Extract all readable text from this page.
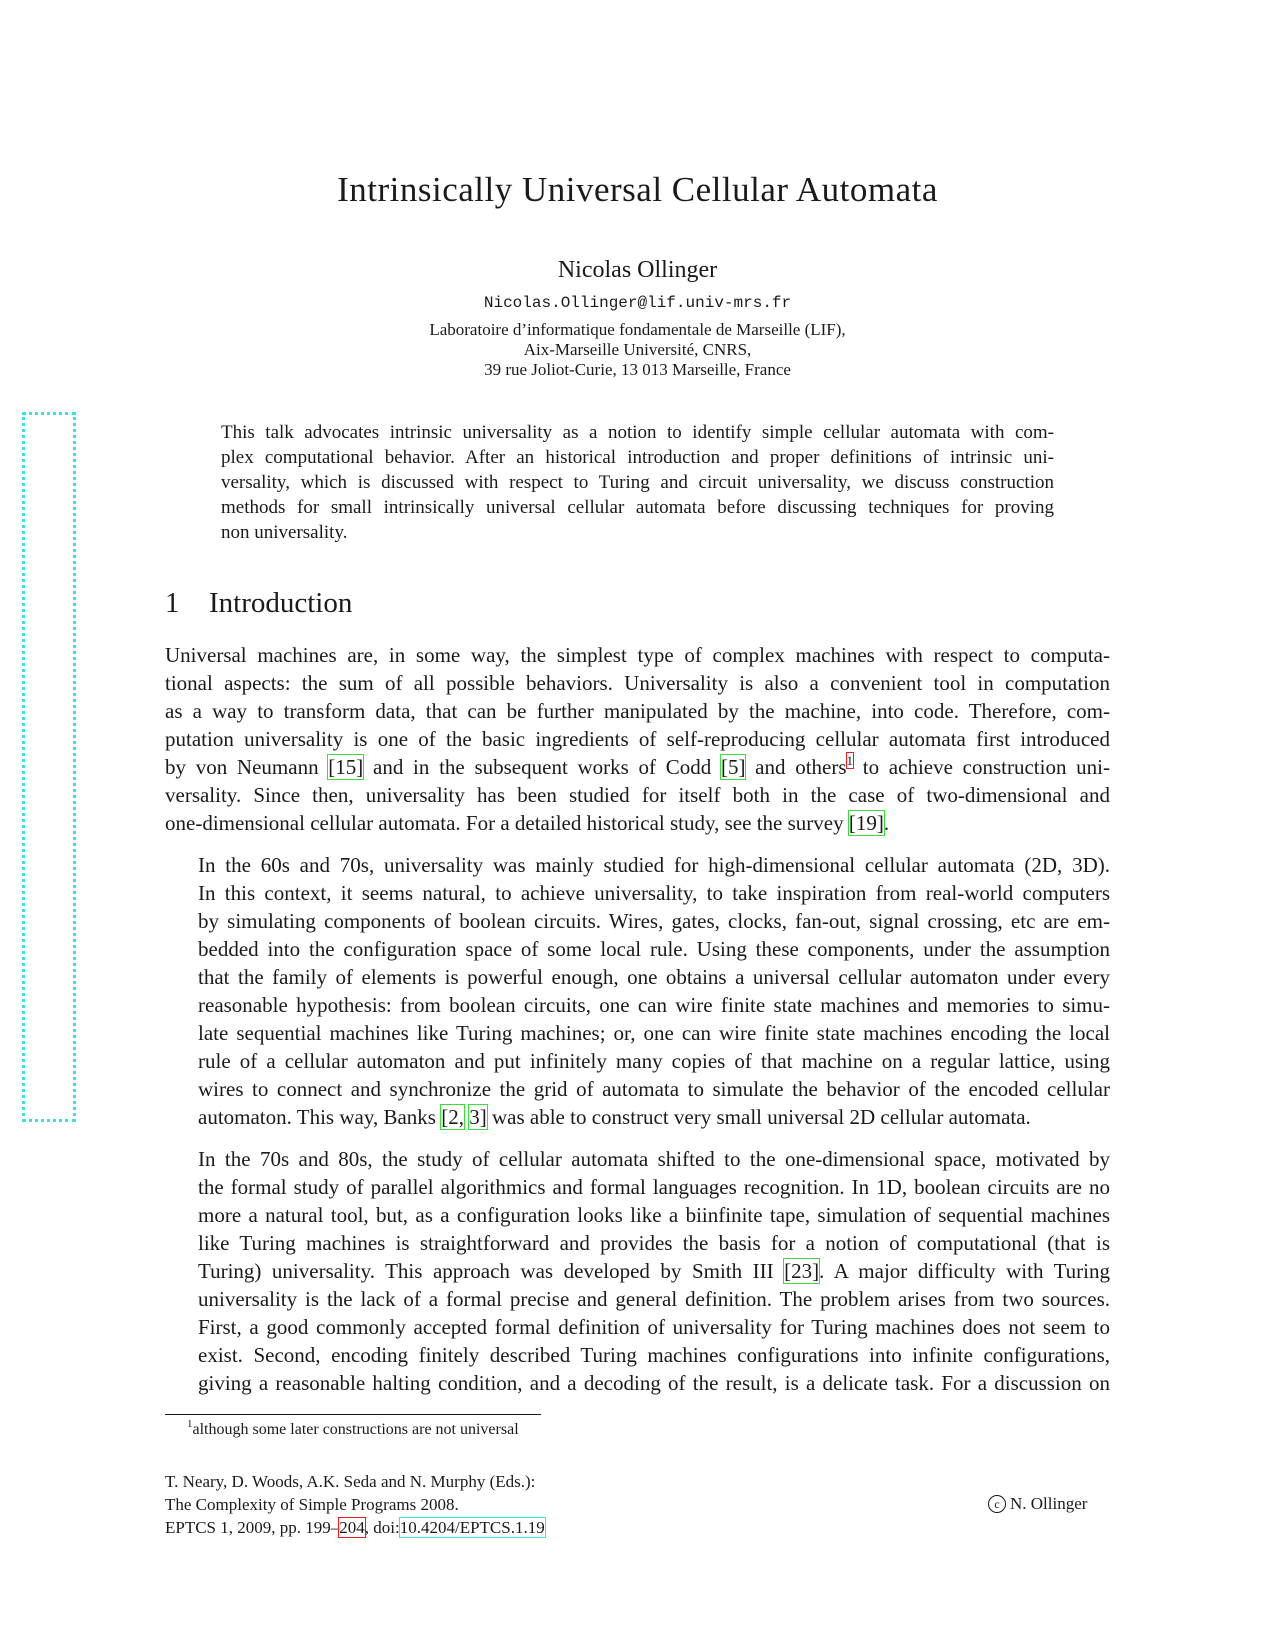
Intrinsically Universal Cellular Automata
Nicolas Ollinger
Nicolas.Ollinger@lif.univ-mrs.fr
Laboratoire d’informatique fondamentale de Marseille (LIF),
Aix-Marseille Université, CNRS,
39 rue Joliot-Curie, 13 013 Marseille, France
This talk advocates intrinsic universality as a notion to identify simple cellular automata with com-
plex computational behavior. After an historical introduction and proper definitions of intrinsic uni-
versality, which is discussed with respect to Turing and circuit universality, we discuss construction
methods for small intrinsically universal cellular automata before discussing techniques for proving
non universality.
1 Introduction

Universal machines are, in some way, the simplest type of complex machines with respect to computa-
tional aspects: the sum of all possible behaviors. Universality is also a convenient tool in computation
as a way to transform data, that can be further manipulated by the machine, into code. Therefore, com-
putation universality is one of the basic ingredients of self-reproducing cellular automata first introduced
by von Neumann [15] and in the subsequent works of Codd [5] and others$^1$ to achieve construction uni-
versality. Since then, universality has been studied for itself both in the case of two-dimensional and
one-dimensional cellular automata. For a detailed historical study, see the survey [19].

In the 60s and 70s, universality was mainly studied for high-dimensional cellular automata (2D, 3D).
In this context, it seems natural, to achieve universality, to take inspiration from real-world computers
by simulating components of boolean circuits. Wires, gates, clocks, fan-out, signal crossing, etc are em-
bedded into the configuration space of some local rule. Using these components, under the assumption
that the family of elements is powerful enough, one obtains a universal cellular automaton under every
reasonable hypothesis: from boolean circuits, one can wire finite state machines and memories to simu-
late sequential machines like Turing machines; or, one can wire finite state machines encoding the local
rule of a cellular automaton and put infinitely many copies of that machine on a regular lattice, using
wires to connect and synchronize the grid of automata to simulate the behavior of the encoded cellular
automaton. This way, Banks [2, 3] was able to construct very small universal 2D cellular automata.

In the 70s and 80s, the study of cellular automata shifted to the one-dimensional space, motivated by
the formal study of parallel algorithmics and formal languages recognition. In 1D, boolean circuits are no
more a natural tool, but, as a configuration looks like a biinfinite tape, simulation of sequential machines
like Turing machines is straightforward and provides the basis for a notion of computational (that is
Turing) universality. This approach was developed by Smith III [23]. A major difficulty with Turing
universality is the lack of a formal precise and general definition. The problem arises from two sources.
First, a good commonly accepted formal definition of universality for Turing machines does not seem to
exist. Second, encoding finitely described Turing machines configurations into infinite configurations,
giving a reasonable halting condition, and a decoding of the result, is a delicate task. For a discussion on

$^1$although some later constructions are not universal
T. Neary, D. Woods, A.K. Seda and N. Murphy (Eds.):
The Complexity of Simple Programs 2008.
EPTCS 1, 2009, pp. 199–204, doi:10.4204/EPTCS.1.19
c N. Ollinger
